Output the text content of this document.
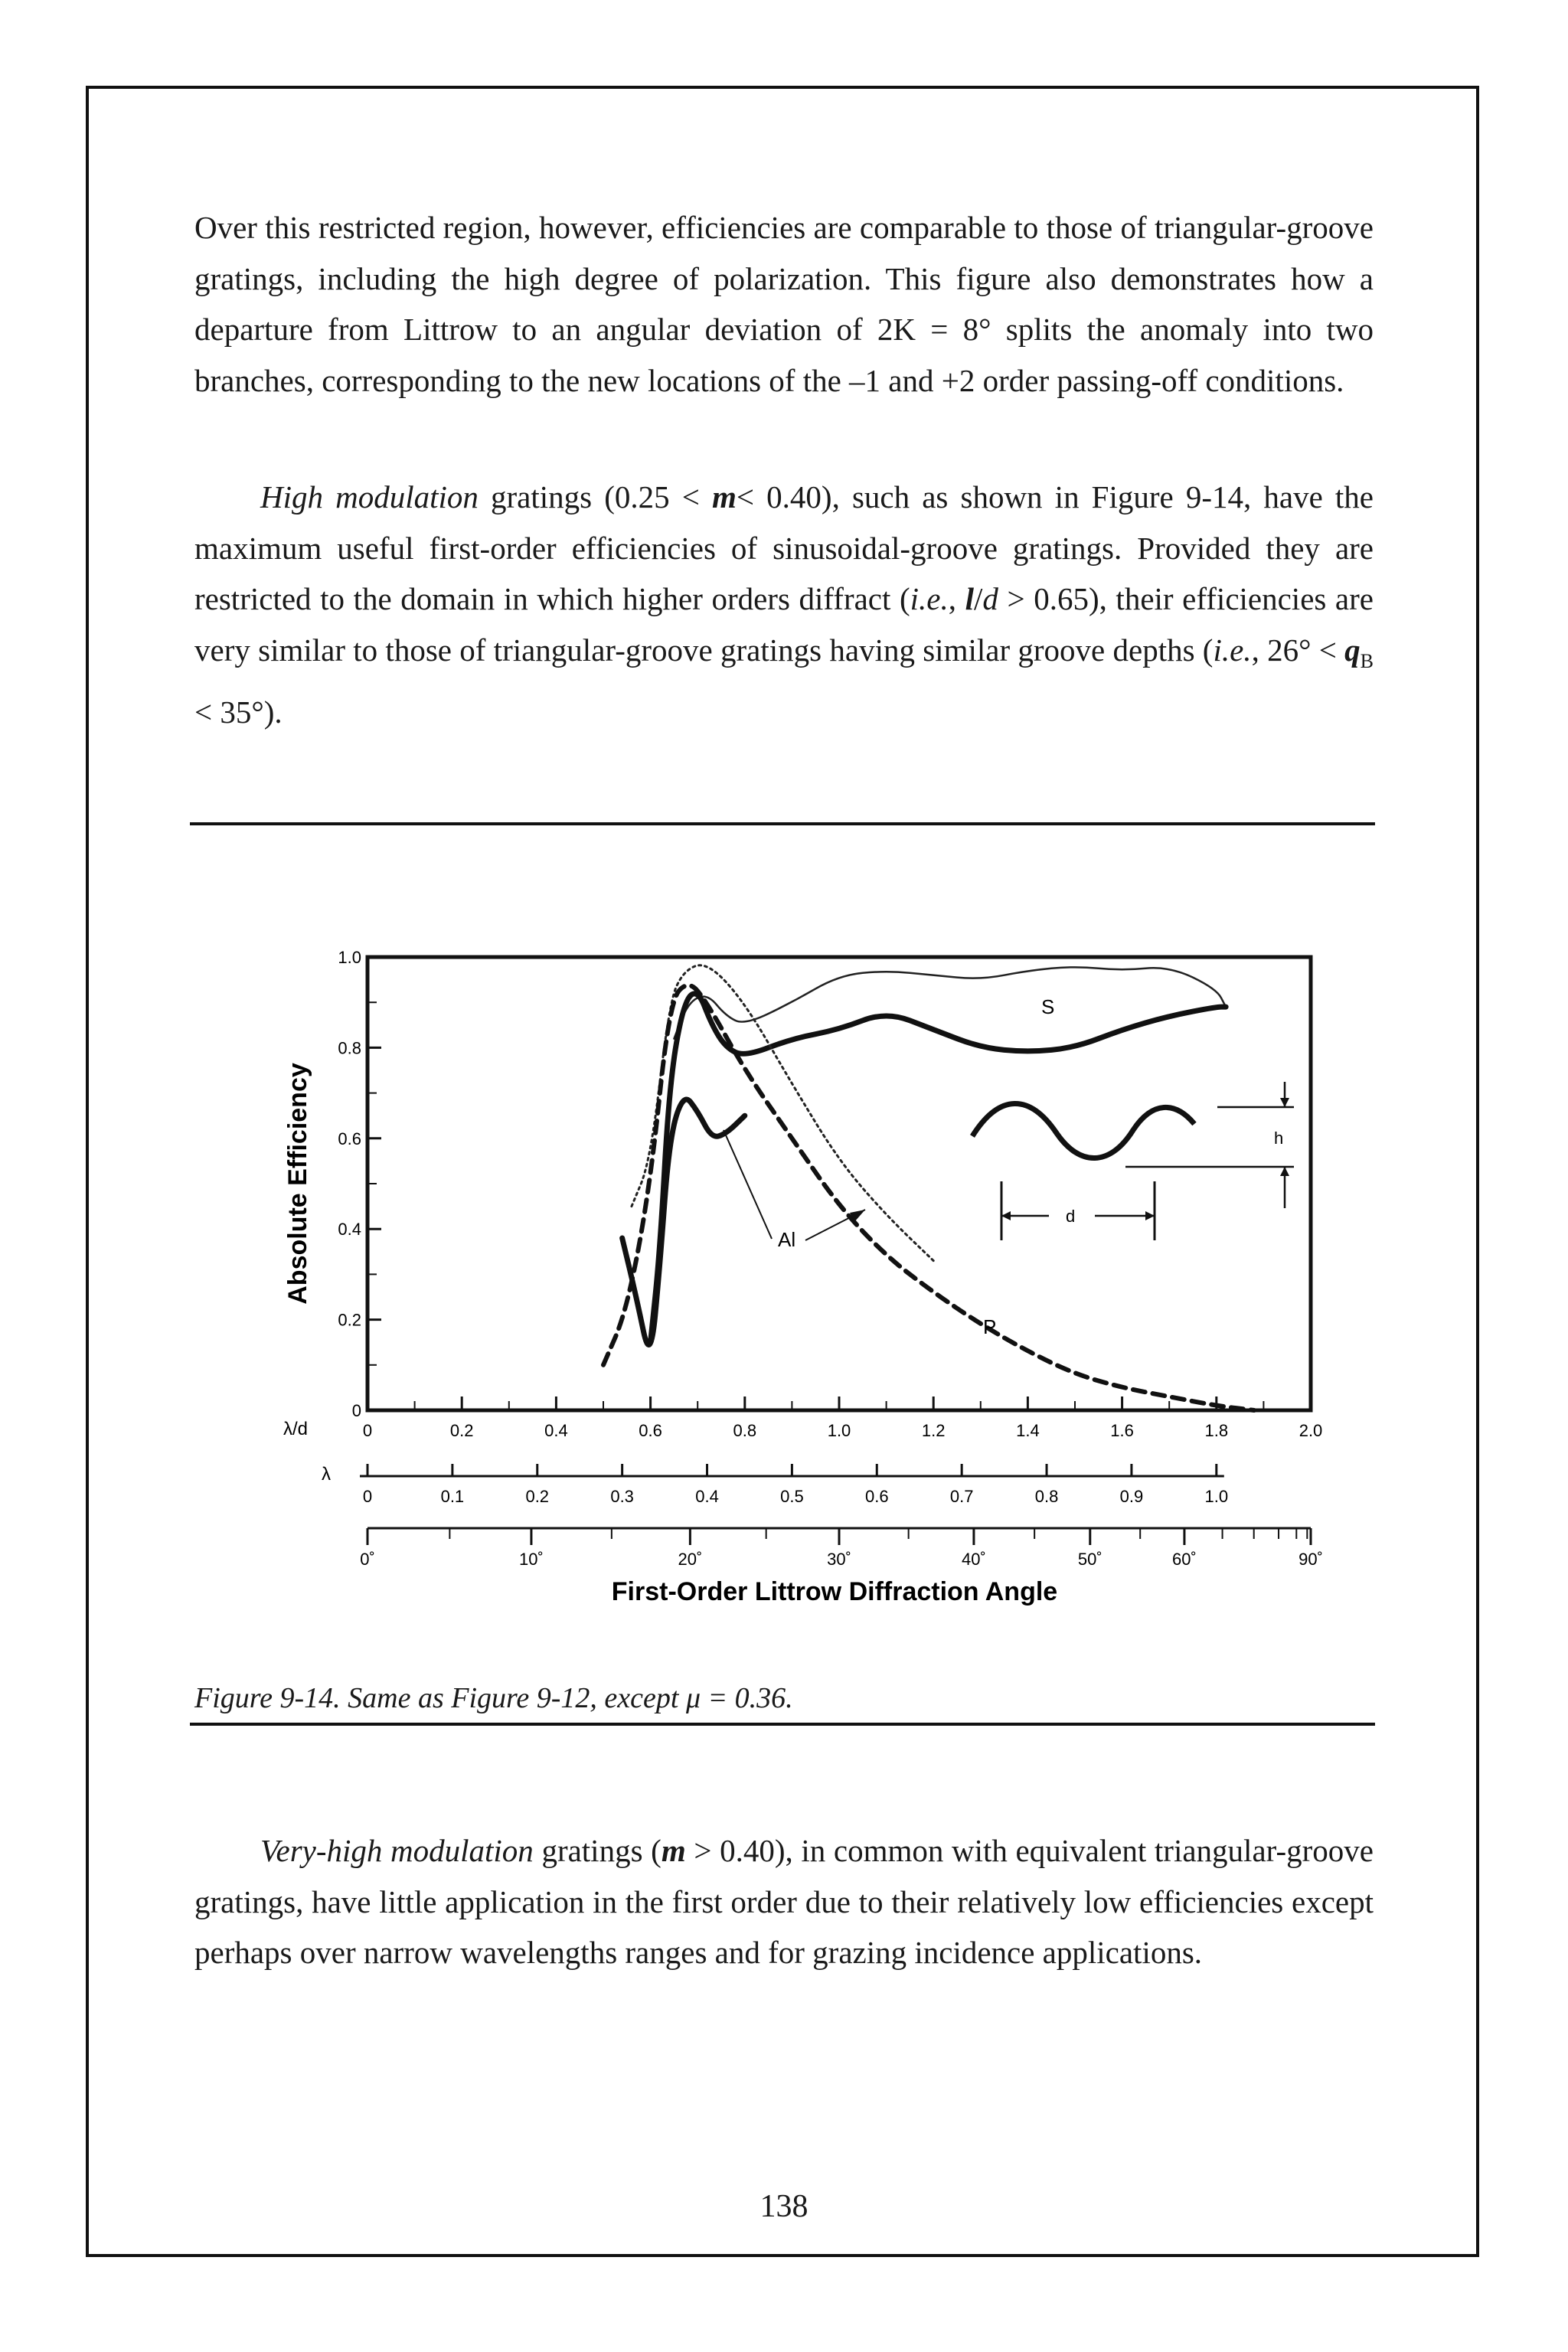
Over this restricted region, however, efficiencies are comparable to those of triangular-groove gratings, including the high degree of polarization. This figure also demonstrates how a departure from Littrow to an angular deviation of 2K = 8° splits the anomaly into two branches, corresponding to the new locations of the –1 and +2 order passing-off conditions.
High modulation gratings (0.25 < m< 0.40), such as shown in Figure 9-14, have the maximum useful first-order efficiencies of sinusoidal-groove gratings. Provided they are restricted to the domain in which higher orders diffract (i.e., l/d > 0.65), their efficiencies are very similar to those of triangular-groove gratings having similar groove depths (i.e., $26^\circ < q_B < 35^\circ$).
0
0.2
0.4
0.6
0.8
1.0
0	0.2	0.4	0.6	0.8	1.0	1.2	1.4	1.6	1.8	2.0
0	0.1	0.2	0.3	0.4	0.5	0.6	0.7	0.8	0.9	1.0
0˚	10˚	20˚	30˚	40˚	50˚	60˚	90˚
Absolute Efficiency
λ/d
λ
First-Order Littrow Diffraction Angle
S
Al
P
h
d
Figure 9-14. Same as Figure 9-12, except μ = 0.36.
Very-high modulation gratings (m > 0.40), in common with equivalent triangular-groove gratings, have little application in the first order due to their relatively low efficiencies except perhaps over narrow wavelengths ranges and for grazing incidence applications.
138
